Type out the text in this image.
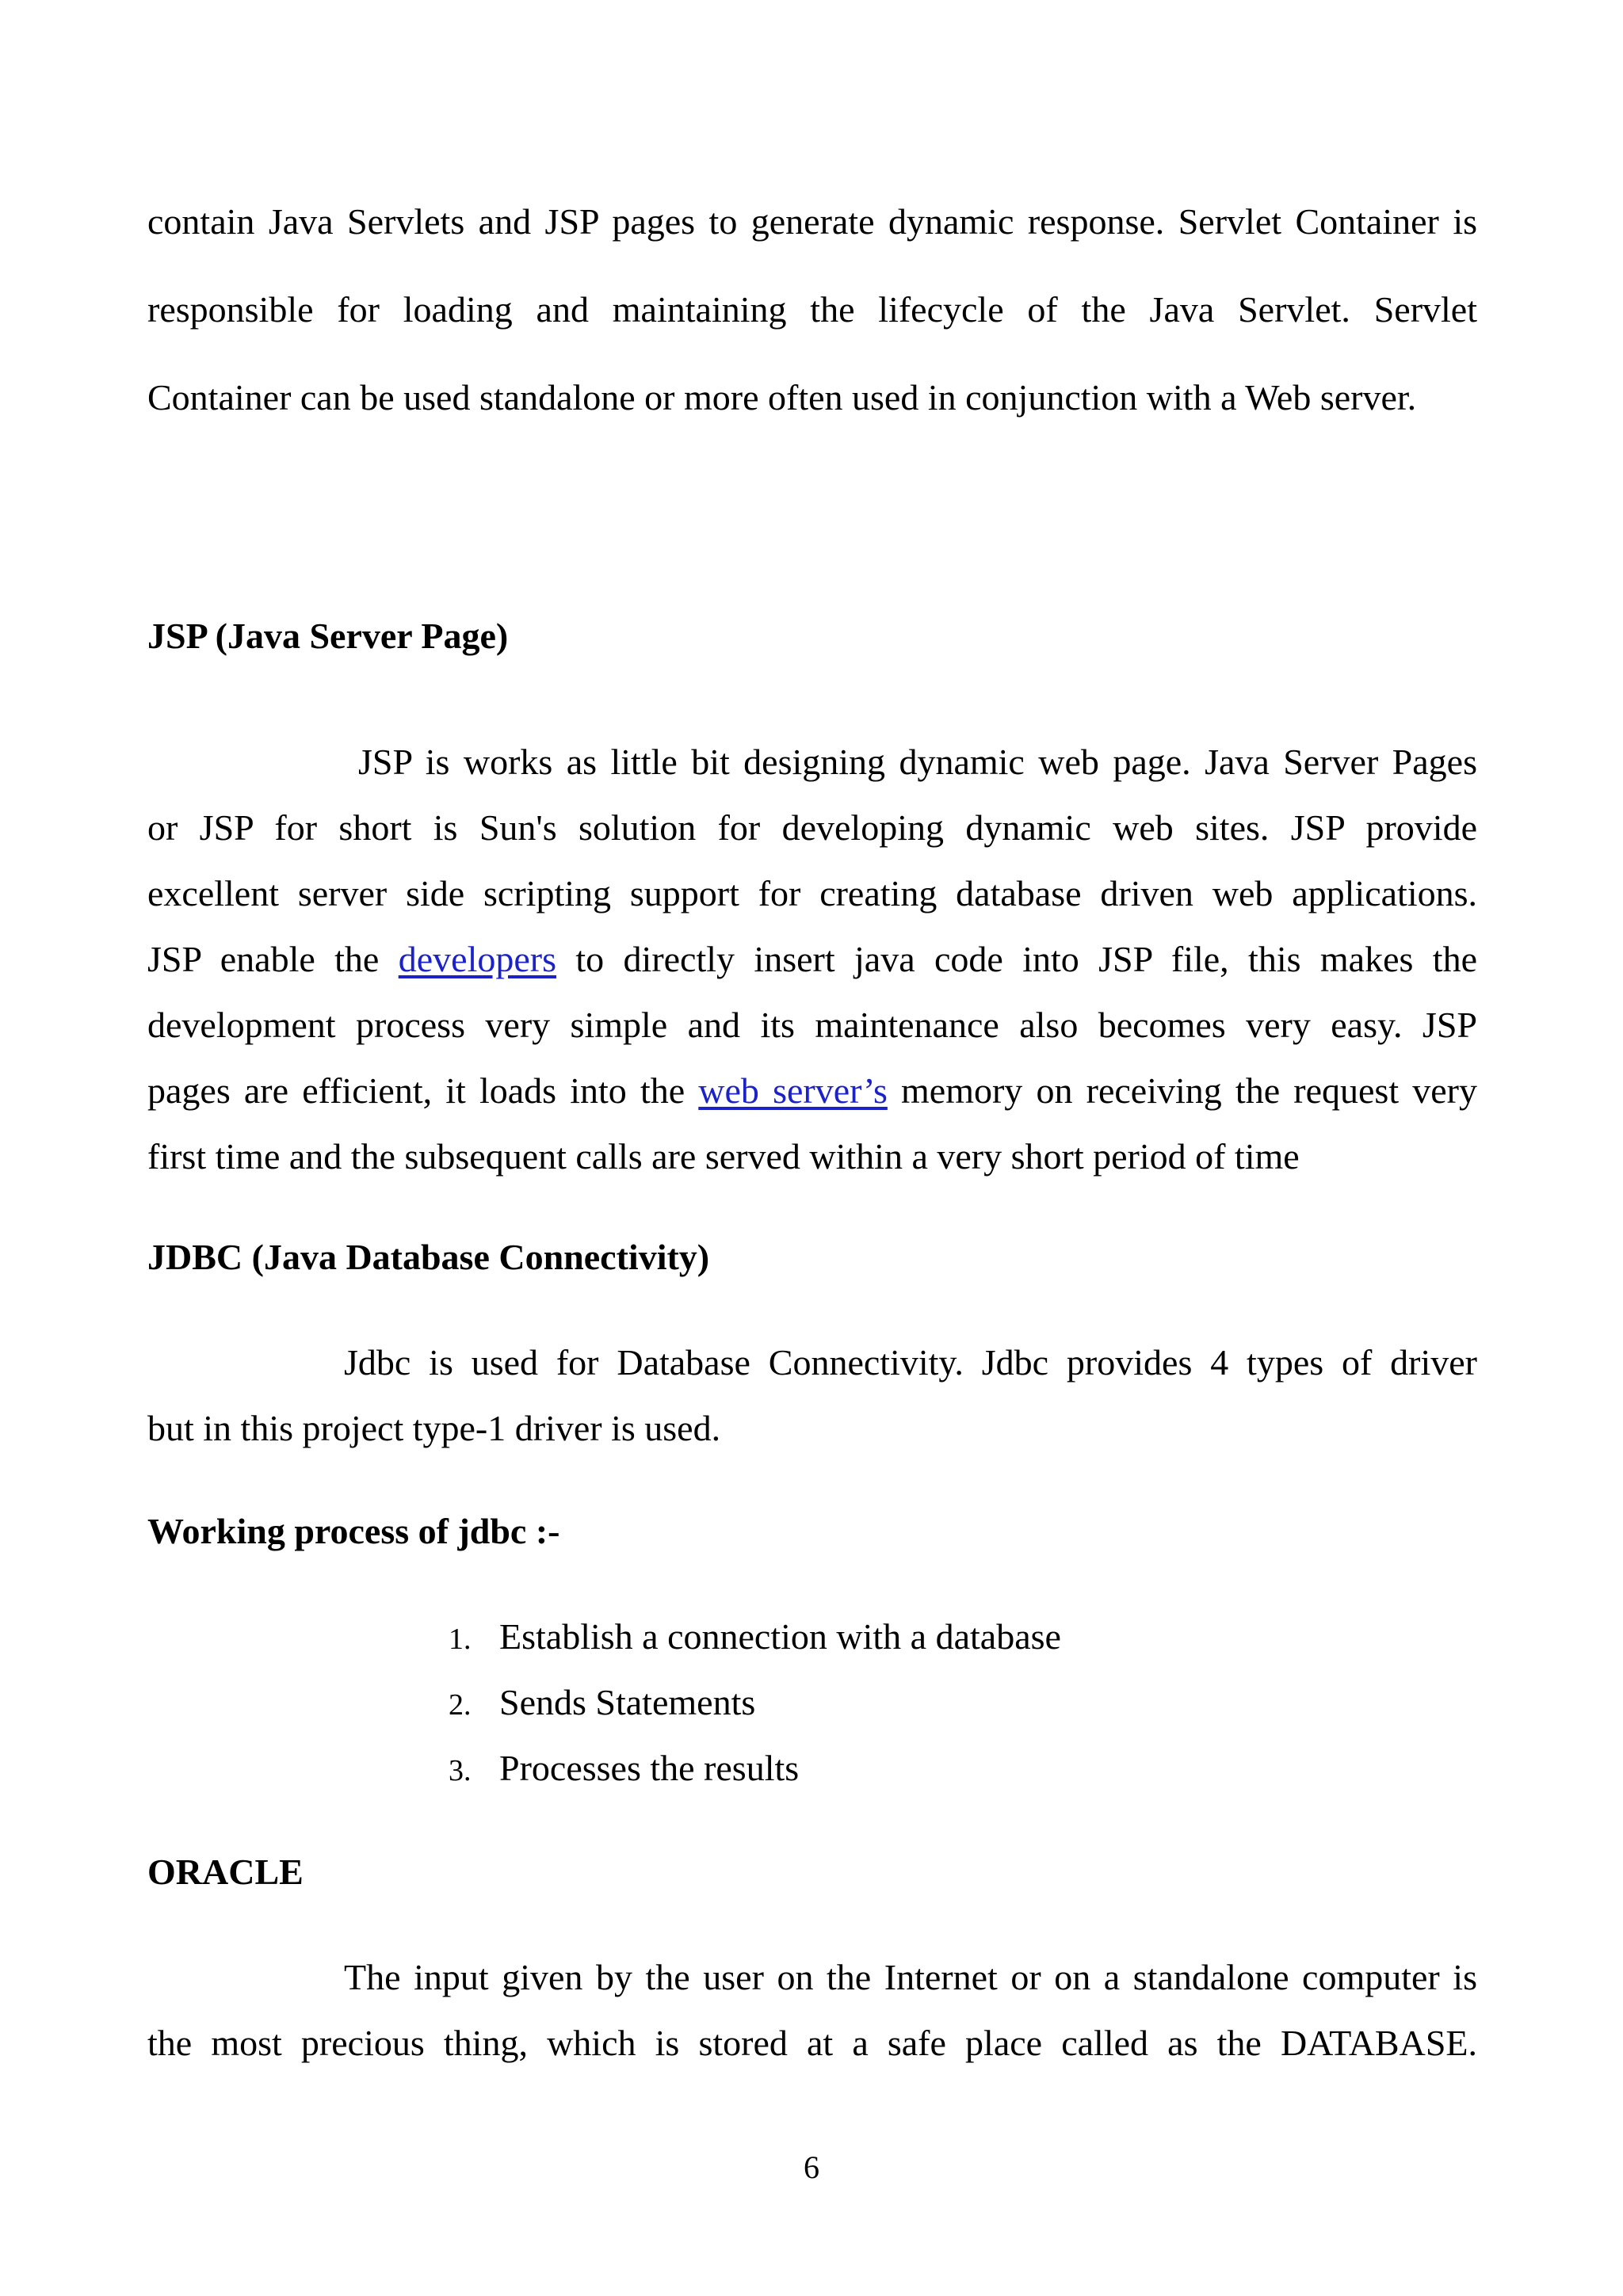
contain Java Servlets and JSP pages to generate dynamic response. Servlet Container is
responsible for loading and maintaining the lifecycle of the Java Servlet. Servlet
Container can be used standalone or more often used in conjunction with a Web server.

JSP (Java Server Page)

JSP is works as little bit designing dynamic web page. Java Server Pages
or JSP for short is Sun's solution for developing dynamic web sites. JSP provide
excellent server side scripting support for creating database driven web applications.
JSP enable the developers to directly insert java code into JSP file, this makes the
development process very simple and its maintenance also becomes very easy. JSP
pages are efficient, it loads into the web server’s memory on receiving the request very
first time and the subsequent calls are served within a very short period of time

JDBC (Java Database Connectivity)

Jdbc is used for Database Connectivity. Jdbc provides 4 types of driver
but in this project type-1 driver is used.

Working process of jdbc :-

1. Establish a connection with a database
2. Sends Statements
3. Processes the results

ORACLE

The input given by the user on the Internet or on a standalone computer is
the most precious thing, which is stored at a safe place called as the DATABASE.
6
